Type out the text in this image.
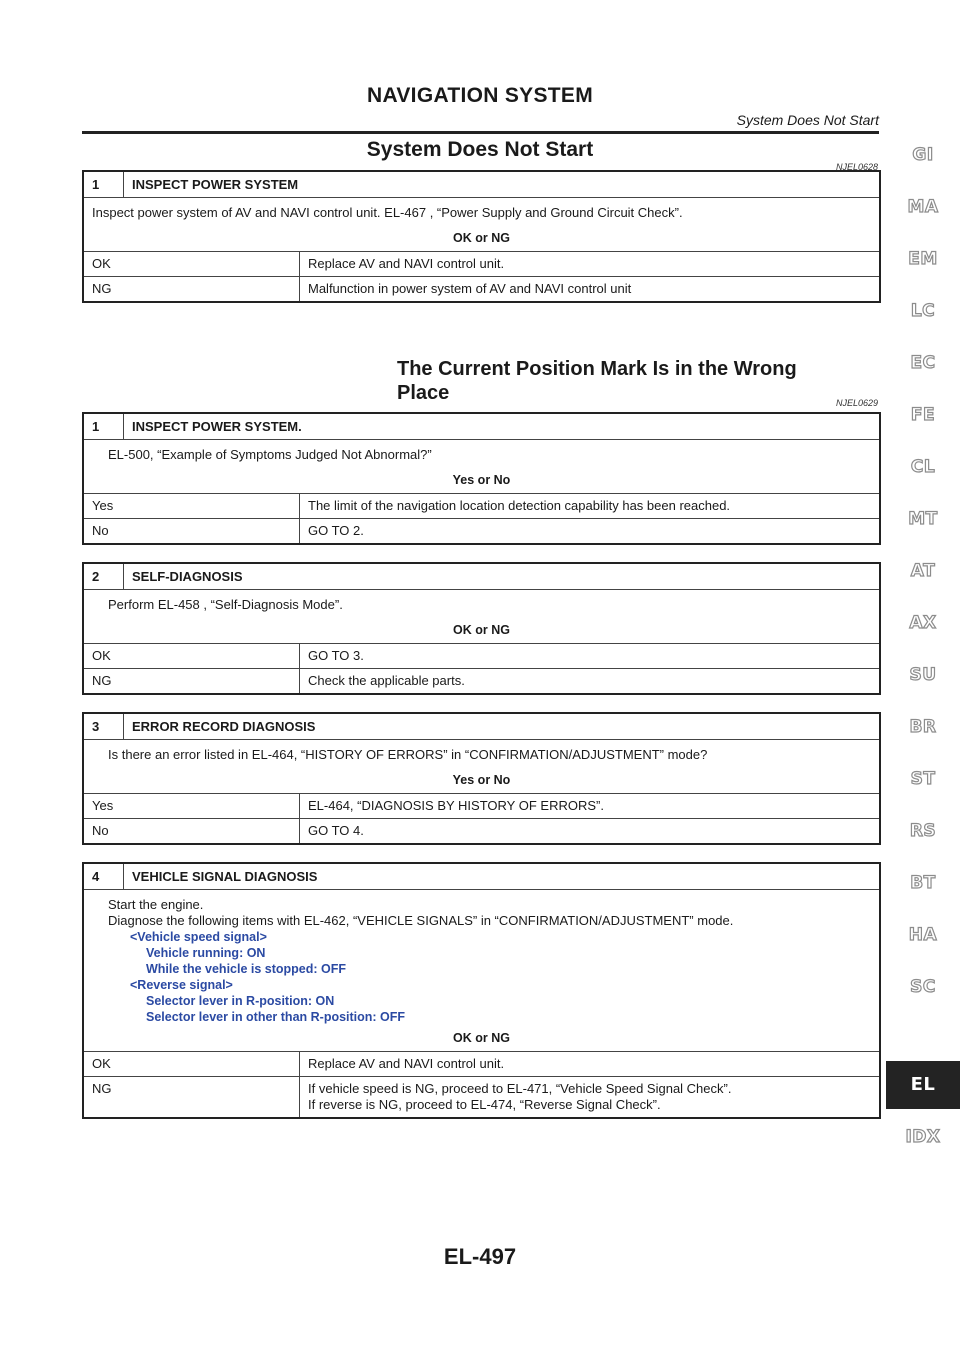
NAVIGATION SYSTEM
System Does Not Start
System Does Not Start
NJEL0628
1	INSPECT POWER SYSTEM
Inspect power system of AV and NAVI control unit. EL-467 , “Power Supply and Ground Circuit Check”.
OK or NG
OK	Replace AV and NAVI control unit.
NG	Malfunction in power system of AV and NAVI control unit
The Current Position Mark Is in the Wrong
Place	NJEL0629
1	INSPECT POWER SYSTEM.
EL-500, “Example of Symptoms Judged Not Abnormal?”
Yes or No
Yes	The limit of the navigation location detection capability has been reached.
No	GO TO 2.
2	SELF-DIAGNOSIS
Perform EL-458 , “Self-Diagnosis Mode”.
OK or NG
OK	GO TO 3.
NG	Check the applicable parts.
3	ERROR RECORD DIAGNOSIS
Is there an error listed in EL-464, “HISTORY OF ERRORS” in “CONFIRMATION/ADJUSTMENT” mode?
Yes or No
Yes	EL-464, “DIAGNOSIS BY HISTORY OF ERRORS”.
No	GO TO 4.
4	VEHICLE SIGNAL DIAGNOSIS
Start the engine.
Diagnose the following items with EL-462, “VEHICLE SIGNALS” in “CONFIRMATION/ADJUSTMENT” mode.
<Vehicle speed signal>
Vehicle running: ON
While the vehicle is stopped: OFF
<Reverse signal>
Selector lever in R-position: ON
Selector lever in other than R-position: OFF
OK or NG
OK	Replace AV and NAVI control unit.
NG	If vehicle speed is NG, proceed to EL-471, “Vehicle Speed Signal Check”.
If reverse is NG, proceed to EL-474, “Reverse Signal Check”.
GI
MA
EM
LC
EC
FE
CL
MT
AT
AX
SU
BR
ST
RS
BT
HA
SC
EL
IDX
EL-497
